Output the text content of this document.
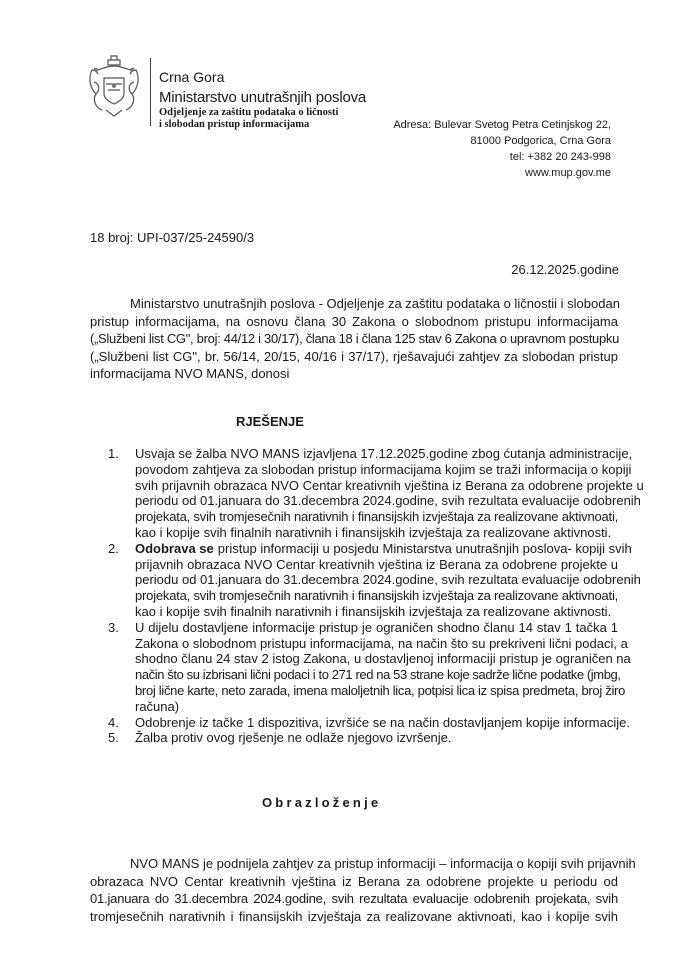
Crna Gora
Ministarstvo unutrašnjih poslova
Odjeljenje za zaštitu podataka o ličnosti
i slobodan pristup informacijama	Adresa: Bulevar Svetog Petra Cetinjskog 22,
81000 Podgorica, Crna Gora
tel: +382 20 243-998
www.mup.gov.me
18 broj: UPI-037/25-24590/3
26.12.2025.godine
Ministarstvo unutrašnjih poslova - Odjeljenje za zaštitu podataka o ličnostii i slobodan
pristup informacijama, na osnovu člana 30 Zakona o slobodnom pristupu informacijama
(„Službeni list CG", broj: 44/12 i 30/17), člana 18 i člana 125 stav 6 Zakona o upravnom postupku
(„Službeni list CG", br. 56/14, 20/15, 40/16 i 37/17), rješavajući zahtjev za slobodan pristup
informacijama NVO MANS, donosi
RJEŠENJE
1. Usvaja se žalba NVO MANS izjavljena 17.12.2025.godine zbog ćutanja administracije,
povodom zahtjeva za slobodan pristup informacijama kojim se traži informacija o kopiji
svih prijavnih obrazaca NVO Centar kreativnih vještina iz Berana za odobrene projekte u
periodu od 01.januara do 31.decembra 2024.godine, svih rezultata evaluacije odobrenih
projekata, svih tromjesečnih narativnih i finansijskih izvještaja za realizovane aktivnoati,
kao i kopije svih finalnih narativnih i finansijskih izvještaja za realizovane aktivnosti.
2. Odobrava se pristup informaciji u posjedu Ministarstva unutrašnjih poslova- kopiji svih
prijavnih obrazaca NVO Centar kreativnih vještina iz Berana za odobrene projekte u
periodu od 01.januara do 31.decembra 2024.godine, svih rezultata evaluacije odobrenih
projekata, svih tromjesečnih narativnih i finansijskih izvještaja za realizovane aktivnoati,
kao i kopije svih finalnih narativnih i finansijskih izvještaja za realizovane aktivnosti.
3. U dijelu dostavljene informacije pristup je ograničen shodno članu 14 stav 1 tačka 1
Zakona o slobodnom pristupu informacijama, na način što su prekriveni lični podaci, a
shodno članu 24 stav 2 istog Zakona, u dostavljenoj informaciji pristup je ograničen na
način što su izbrisani lični podaci i to 271 red na 53 strane koje sadrže lične podatke (jmbg,
broj lične karte, neto zarada, imena maloljetnih lica, potpisi lica iz spisa predmeta, broj žiro
računa)
4. Odobrenje iz tačke 1 dispozitiva, izvršiće se na način dostavljanjem kopije informacije.
5. Žalba protiv ovog rješenje ne odlaže njegovo izvršenje.
Obrazloženje
NVO MANS je podnijela zahtjev za pristup informaciji – informacija o kopiji svih prijavnih
obrazaca NVO Centar kreativnih vještina iz Berana za odobrene projekte u periodu od
01.januara do 31.decembra 2024.godine, svih rezultata evaluacije odobrenih projekata, svih
tromjesečnih narativnih i finansijskih izvještaja za realizovane aktivnoati, kao i kopije svih
